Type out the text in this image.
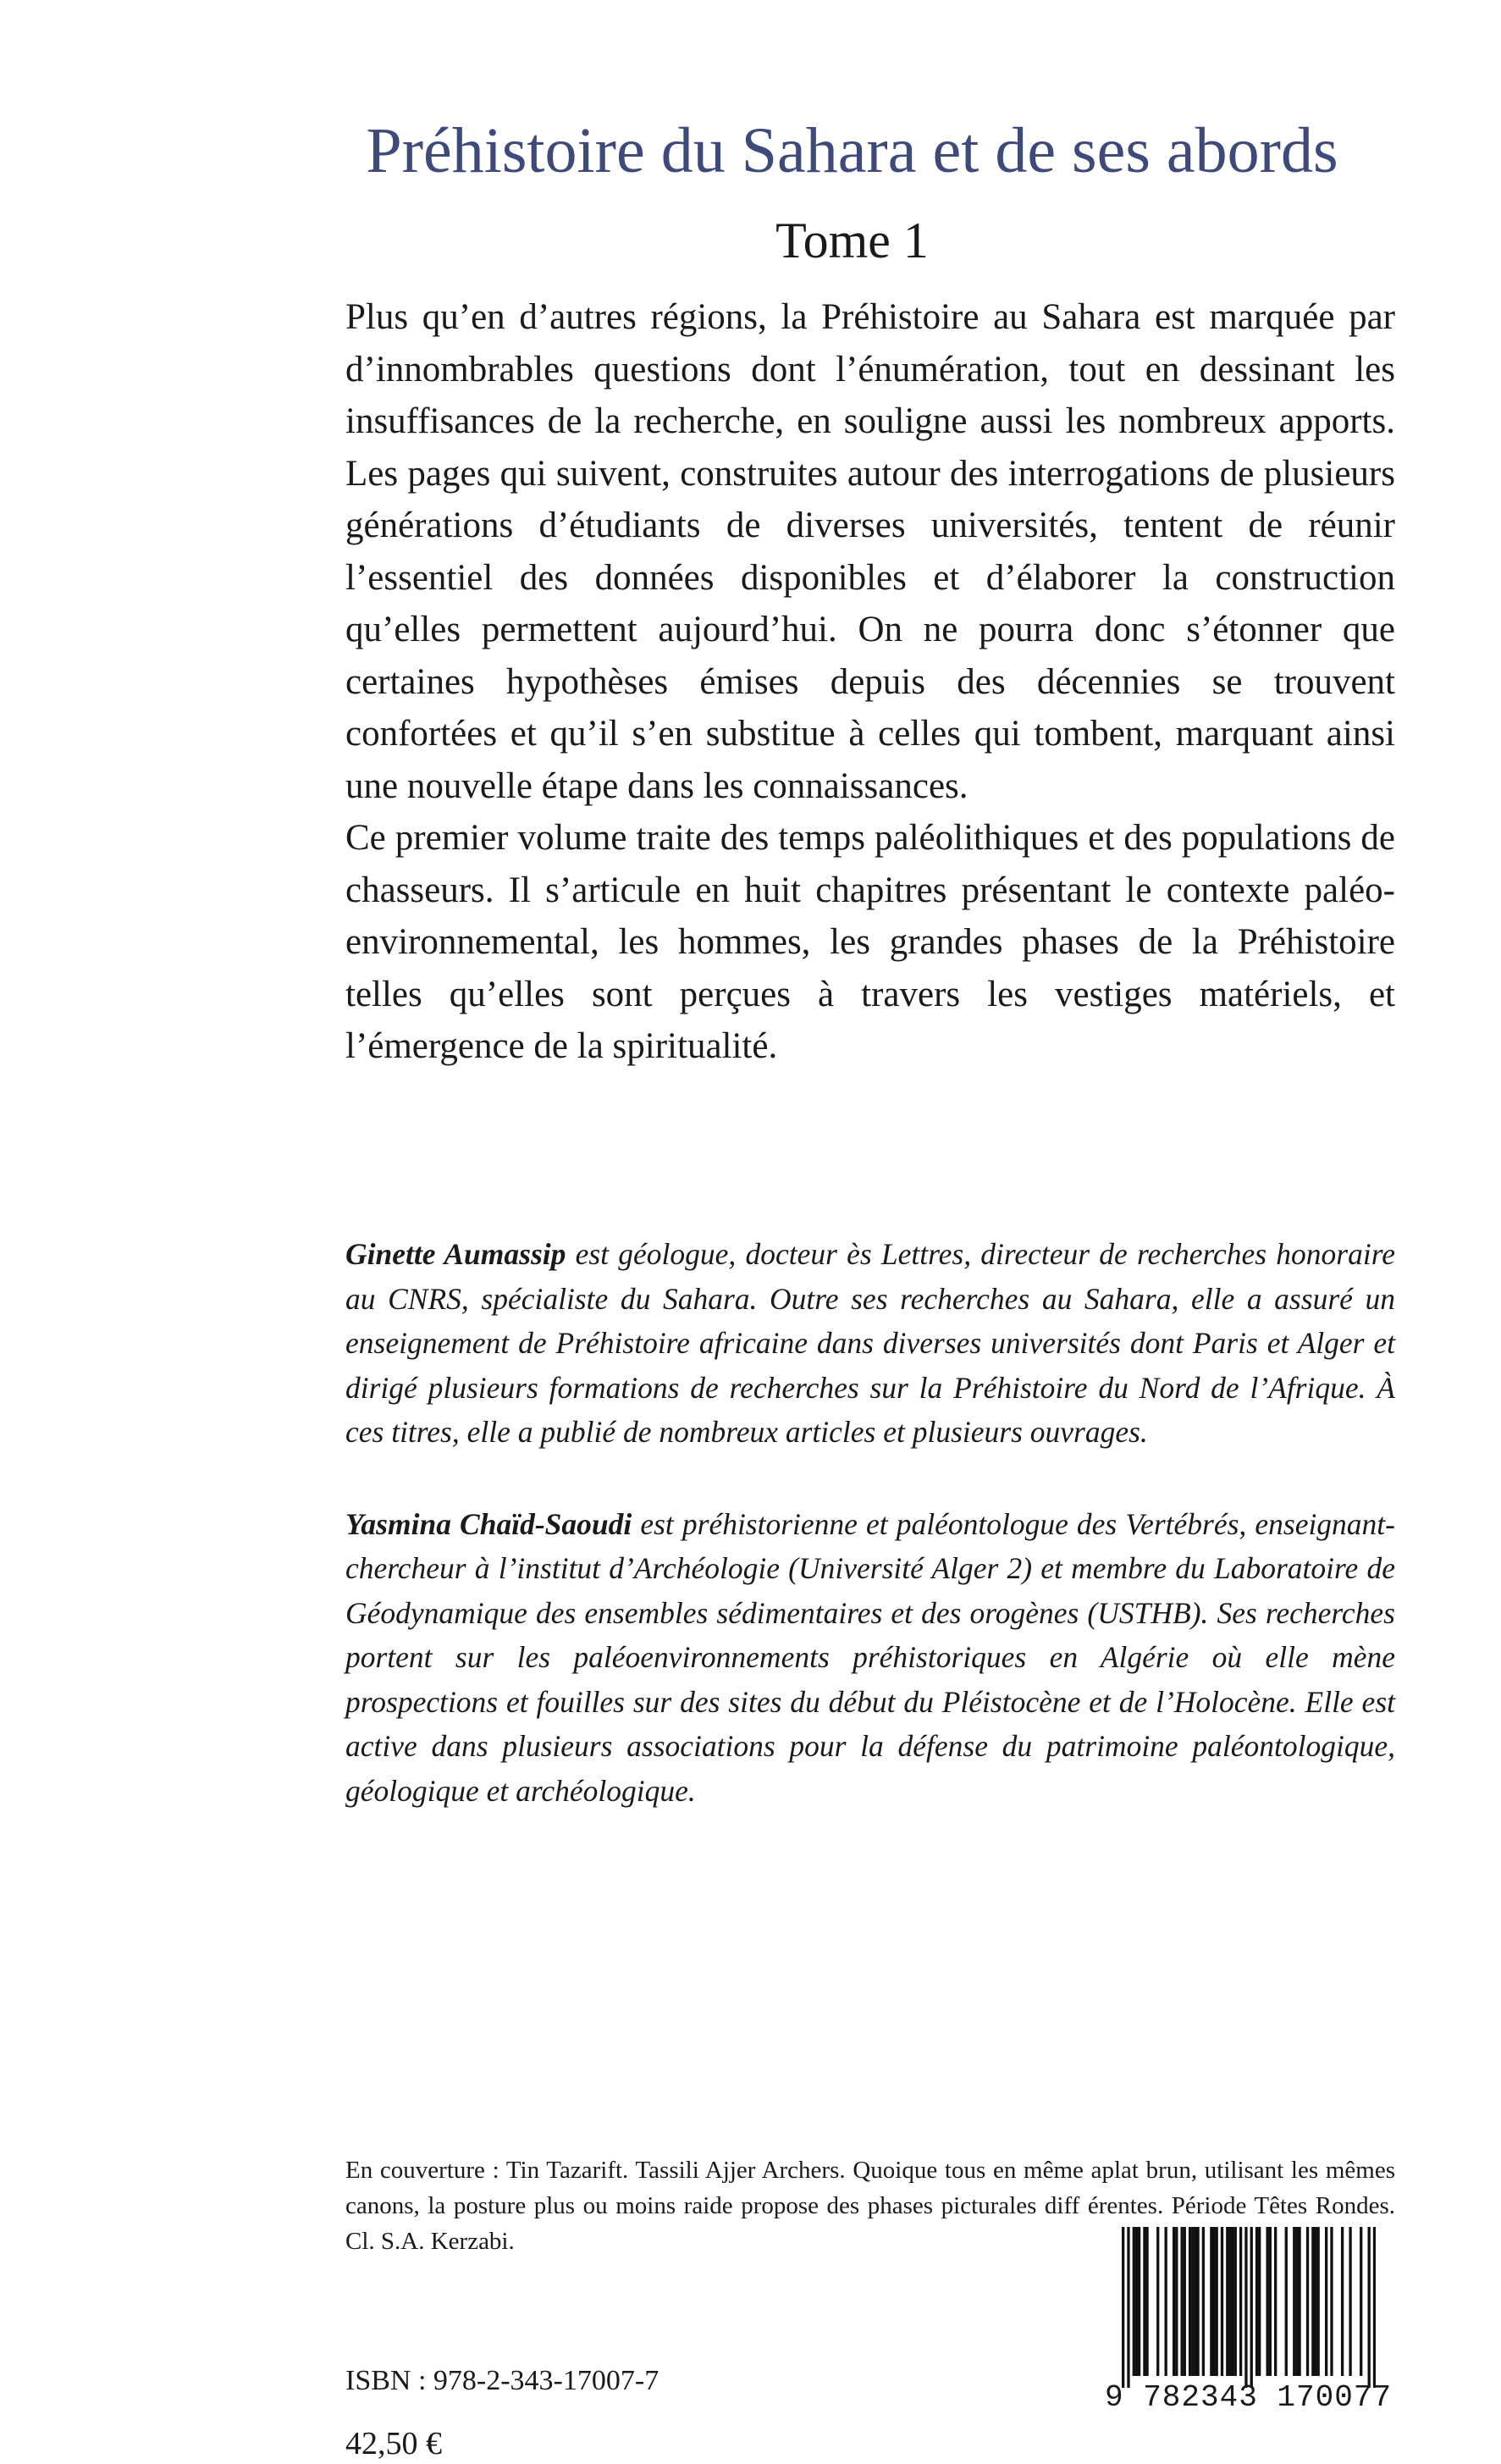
Préhistoire du Sahara et de ses abords
Tome 1

Plus qu’en d’autres régions, la Préhistoire au Sahara est marquée par d’innombrables questions dont l’énumération, tout en dessinant les insuffisances de la recherche, en souligne aussi les nombreux apports. Les pages qui suivent, construites autour des interrogations de plusieurs générations d’étudiants de diverses universités, tentent de réunir l’essentiel des données disponibles et d’élaborer la construction qu’elles permettent aujourd’hui. On ne pourra donc s’étonner que certaines hypothèses émises depuis des décennies se trouvent confortées et qu’il s’en substitue à celles qui tombent, marquant ainsi une nouvelle étape dans les connaissances.

Ce premier volume traite des temps paléolithiques et des populations de chasseurs. Il s’articule en huit chapitres présentant le contexte paléo-environnemental, les hommes, les grandes phases de la Préhistoire telles qu’elles sont perçues à travers les vestiges matériels, et l’émergence de la spiritualité.

Ginette Aumassip est géologue, docteur ès Lettres, directeur de recherches honoraire au CNRS, spécialiste du Sahara. Outre ses recherches au Sahara, elle a assuré un enseignement de Préhistoire africaine dans diverses universités dont Paris et Alger et dirigé plusieurs formations de recherches sur la Préhistoire du Nord de l’Afrique. À ces titres, elle a publié de nombreux articles et plusieurs ouvrages.

Yasmina Chaïd-Saoudi est préhistorienne et paléontologue des Vertébrés, enseignant-chercheur à l’institut d’Archéologie (Université Alger 2) et membre du Laboratoire de Géodynamique des ensembles sédimentaires et des orogènes (USTHB). Ses recherches portent sur les paléoenvironnements préhistoriques en Algérie où elle mène prospections et fouilles sur des sites du début du Pléistocène et de l’Holocène. Elle est active dans plusieurs associations pour la défense du patrimoine paléontologique, géologique et archéologique.

En couverture : Tin Tazarift. Tassili Ajjer Archers. Quoique tous en même aplat brun, utilisant les mêmes canons, la posture plus ou moins raide propose des phases picturales diff érentes. Période Têtes Rondes. Cl. S.A. Kerzabi.

ISBN : 978-2-343-17007-7

42,50 €

9 782343 170077
